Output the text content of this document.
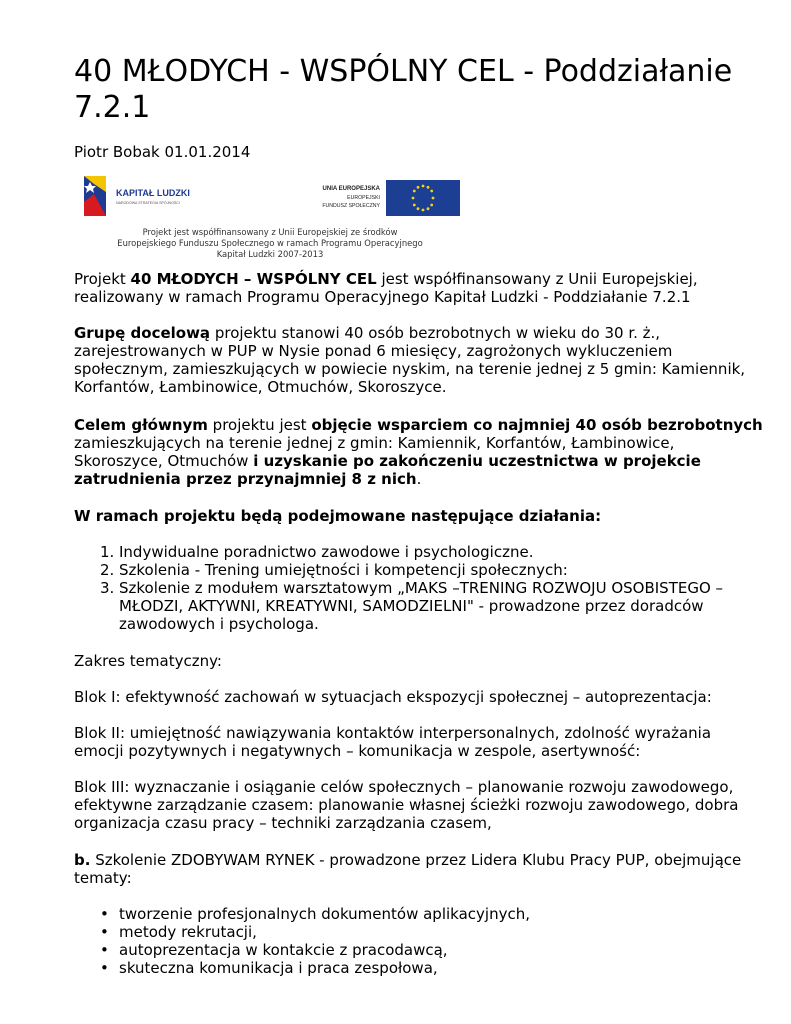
40 MŁODYCH - WSPÓLNY CEL - Poddziałanie 7.2.1
Piotr Bobak 01.01.2014
KAPITAŁ LUDZKI
NARODOWA STRATEGIA SPÓJNOŚCI
UNIA EUROPEJSKA
EUROPEJSKI
FUNDUSZ SPOŁECZNY
Projekt jest współfinansowany z Unii Europejskiej ze środków
Europejskiego Funduszu Społecznego w ramach Programu Operacyjnego
Kapitał Ludzki 2007-2013

Projekt 40 MŁODYCH – WSPÓLNY CEL jest współfinansowany z Unii Europejskiej, realizowany w ramach Programu Operacyjnego Kapitał Ludzki - Poddziałanie 7.2.1

Grupę docelową projektu stanowi 40 osób bezrobotnych w wieku do 30 r. ż., zarejestrowanych w PUP w Nysie ponad 6 miesięcy, zagrożonych wykluczeniem społecznym, zamieszkujących w powiecie nyskim, na terenie jednej z 5 gmin: Kamiennik, Korfantów, Łambinowice, Otmuchów, Skoroszyce.

Celem głównym projektu jest objęcie wsparciem co najmniej 40 osób bezrobotnych zamieszkujących na terenie jednej z gmin: Kamiennik, Korfantów, Łambinowice, Skoroszyce, Otmuchów i uzyskanie po zakończeniu uczestnictwa w projekcie zatrudnienia przez przynajmniej 8 z nich.

W ramach projektu będą podejmowane następujące działania:

1. Indywidualne poradnictwo zawodowe i psychologiczne.
2. Szkolenia - Trening umiejętności i kompetencji społecznych:
3. Szkolenie z modułem warsztatowym „MAKS –TRENING ROZWOJU OSOBISTEGO – MŁODZI, AKTYWNI, KREATYWNI, SAMODZIELNI" - prowadzone przez doradców zawodowych i psychologa.

Zakres tematyczny:

Blok I: efektywność zachowań w sytuacjach ekspozycji społecznej – autoprezentacja:

Blok II: umiejętność nawiązywania kontaktów interpersonalnych, zdolność wyrażania emocji pozytywnych i negatywnych – komunikacja w zespole, asertywność:

Blok III: wyznaczanie i osiąganie celów społecznych – planowanie rozwoju zawodowego, efektywne zarządzanie czasem: planowanie własnej ścieżki rozwoju zawodowego, dobra organizacja czasu pracy – techniki zarządzania czasem,

b. Szkolenie ZDOBYWAM RYNEK - prowadzone przez Lidera Klubu Pracy PUP, obejmujące tematy:

• tworzenie profesjonalnych dokumentów aplikacyjnych,
• metody rekrutacji,
• autoprezentacja w kontakcie z pracodawcą,
• skuteczna komunikacja i praca zespołowa,
